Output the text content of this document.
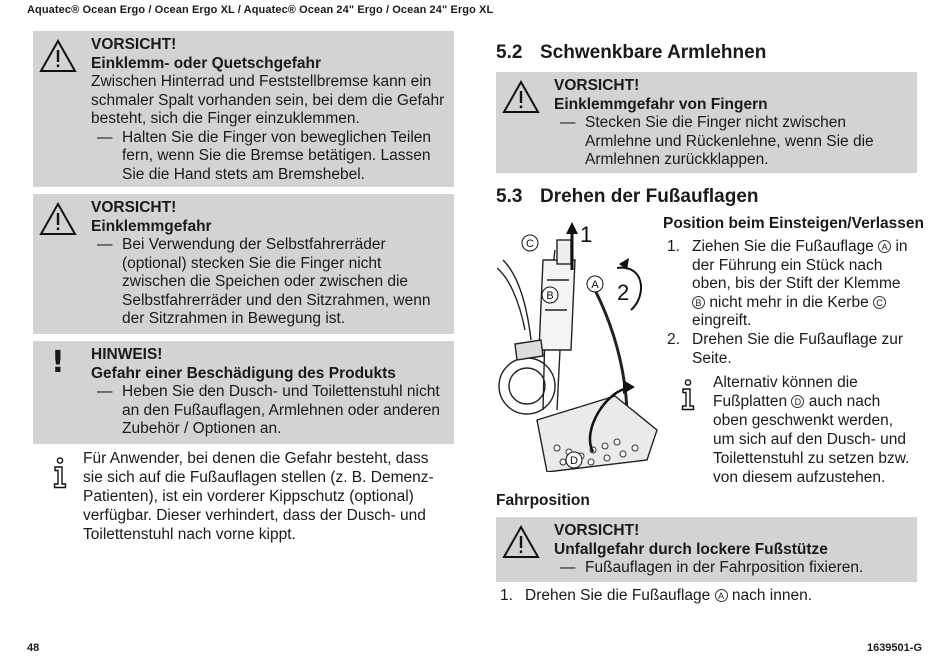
Aquatec® Ocean Ergo / Ocean Ergo XL / Aquatec® Ocean 24" Ergo / Ocean 24" Ergo XL
VORSICHT!
Einklemm- oder Quetschgefahr
Zwischen Hinterrad und Feststellbremse kann ein schmaler Spalt vorhanden sein, bei dem die Gefahr besteht, sich die Finger einzuklemmen.
— Halten Sie die Finger von beweglichen Teilen fern, wenn Sie die Bremse betätigen. Lassen Sie die Hand stets am Bremshebel.
VORSICHT!
Einklemmgefahr
— Bei Verwendung der Selbstfahrerräder (optional) stecken Sie die Finger nicht zwischen die Speichen oder zwischen die Selbstfahrerräder und den Sitzrahmen, wenn der Sitzrahmen in Bewegung ist.
! HINWEIS!
Gefahr einer Beschädigung des Produkts
— Heben Sie den Dusch- und Toilettenstuhl nicht an den Fußauflagen, Armlehnen oder anderen Zubehör / Optionen an.
Für Anwender, bei denen die Gefahr besteht, dass sie sich auf die Fußauflagen stellen (z. B. Demenz-Patienten), ist ein vorderer Kippschutz (optional) verfügbar. Dieser verhindert, dass der Dusch- und Toilettenstuhl nach vorne kippt.
48
5.2 Schwenkbare Armlehnen
VORSICHT!
Einklemmgefahr von Fingern
— Stecken Sie die Finger nicht zwischen Armlehne und Rückenlehne, wenn Sie die Armlehnen zurückklappen.
5.3 Drehen der Fußauflagen
C
B
A
D
1
2
Position beim Einsteigen/Verlassen
1. Ziehen Sie die Fußauflage A in der Führung ein Stück nach oben, bis der Stift der Klemme B nicht mehr in die Kerbe C eingreift.
2. Drehen Sie die Fußauflage zur Seite.
Alternativ können die Fußplatten D auch nach oben geschwenkt werden, um sich auf den Dusch- und Toilettenstuhl zu setzen bzw. von diesem aufzustehen.
Fahrposition
VORSICHT!
Unfallgefahr durch lockere Fußstütze
— Fußauflagen in der Fahrposition fixieren.
1. Drehen Sie die Fußauflage A nach innen.
1639501-G
